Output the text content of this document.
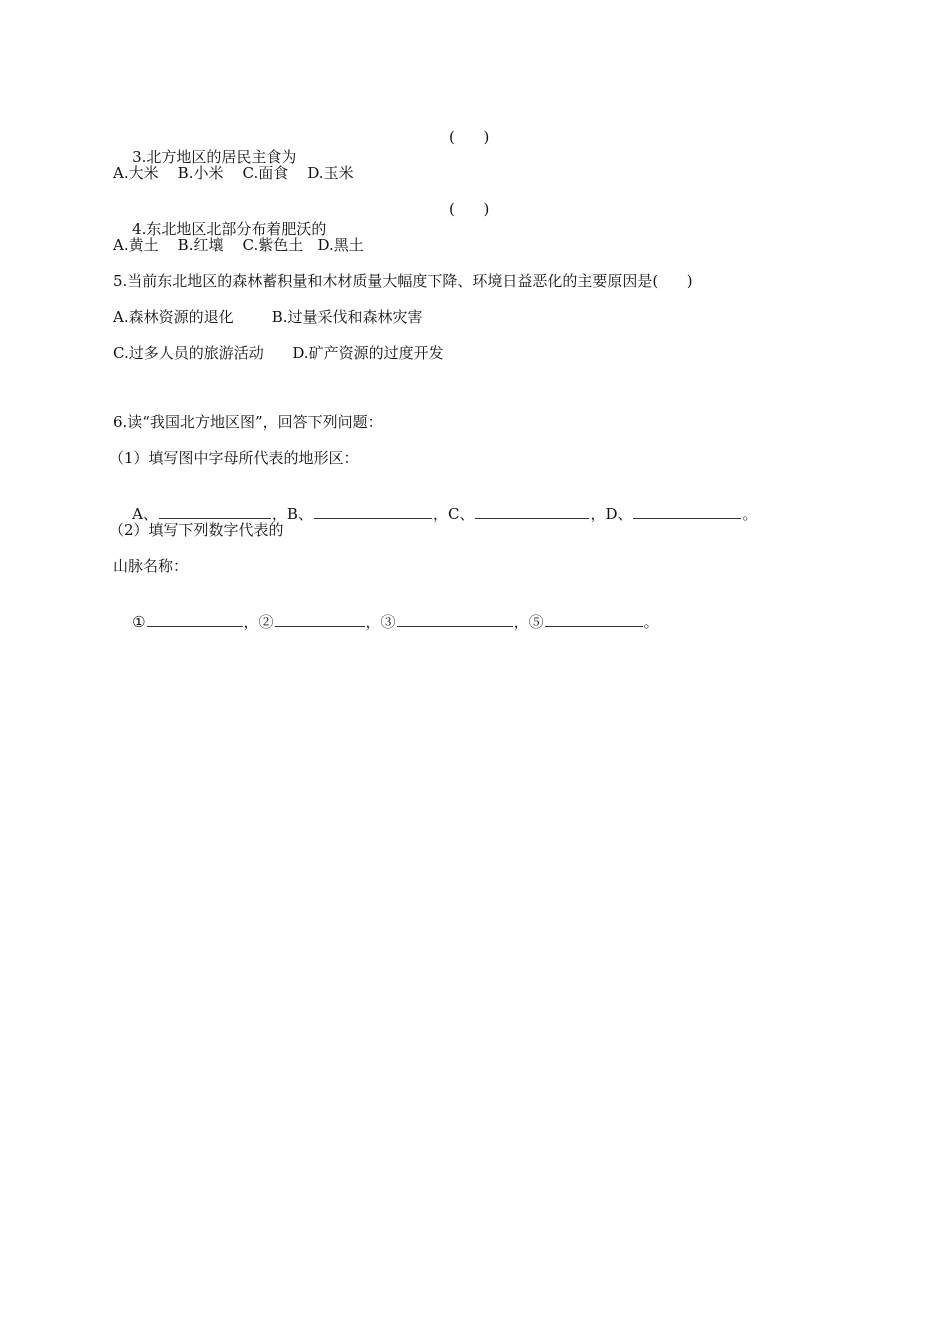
3.北方地区的居民主食为

(      )

A.大米    B.小米    C.面食    D.玉米

4.东北地区北部分布着肥沃的

(      )

A.黄土    B.红壤    C.紫色土   D.黑土
5.当前东北地区的森林蓄积量和木材质量大幅度下降、环境日益恶化的主要原因是(      )
A.森林资源的退化        B.过量采伐和森林灾害
C.过多人员的旅游活动      D.矿产资源的过度开发
6.读“我国北方地区图”，回答下列问题：
（1）填写图中字母所代表的地形区：

A、	，B、	，C、	，D、	。

（2）填写下列数字代表的
山脉名称：

①	，②	，③	，⑤	。
